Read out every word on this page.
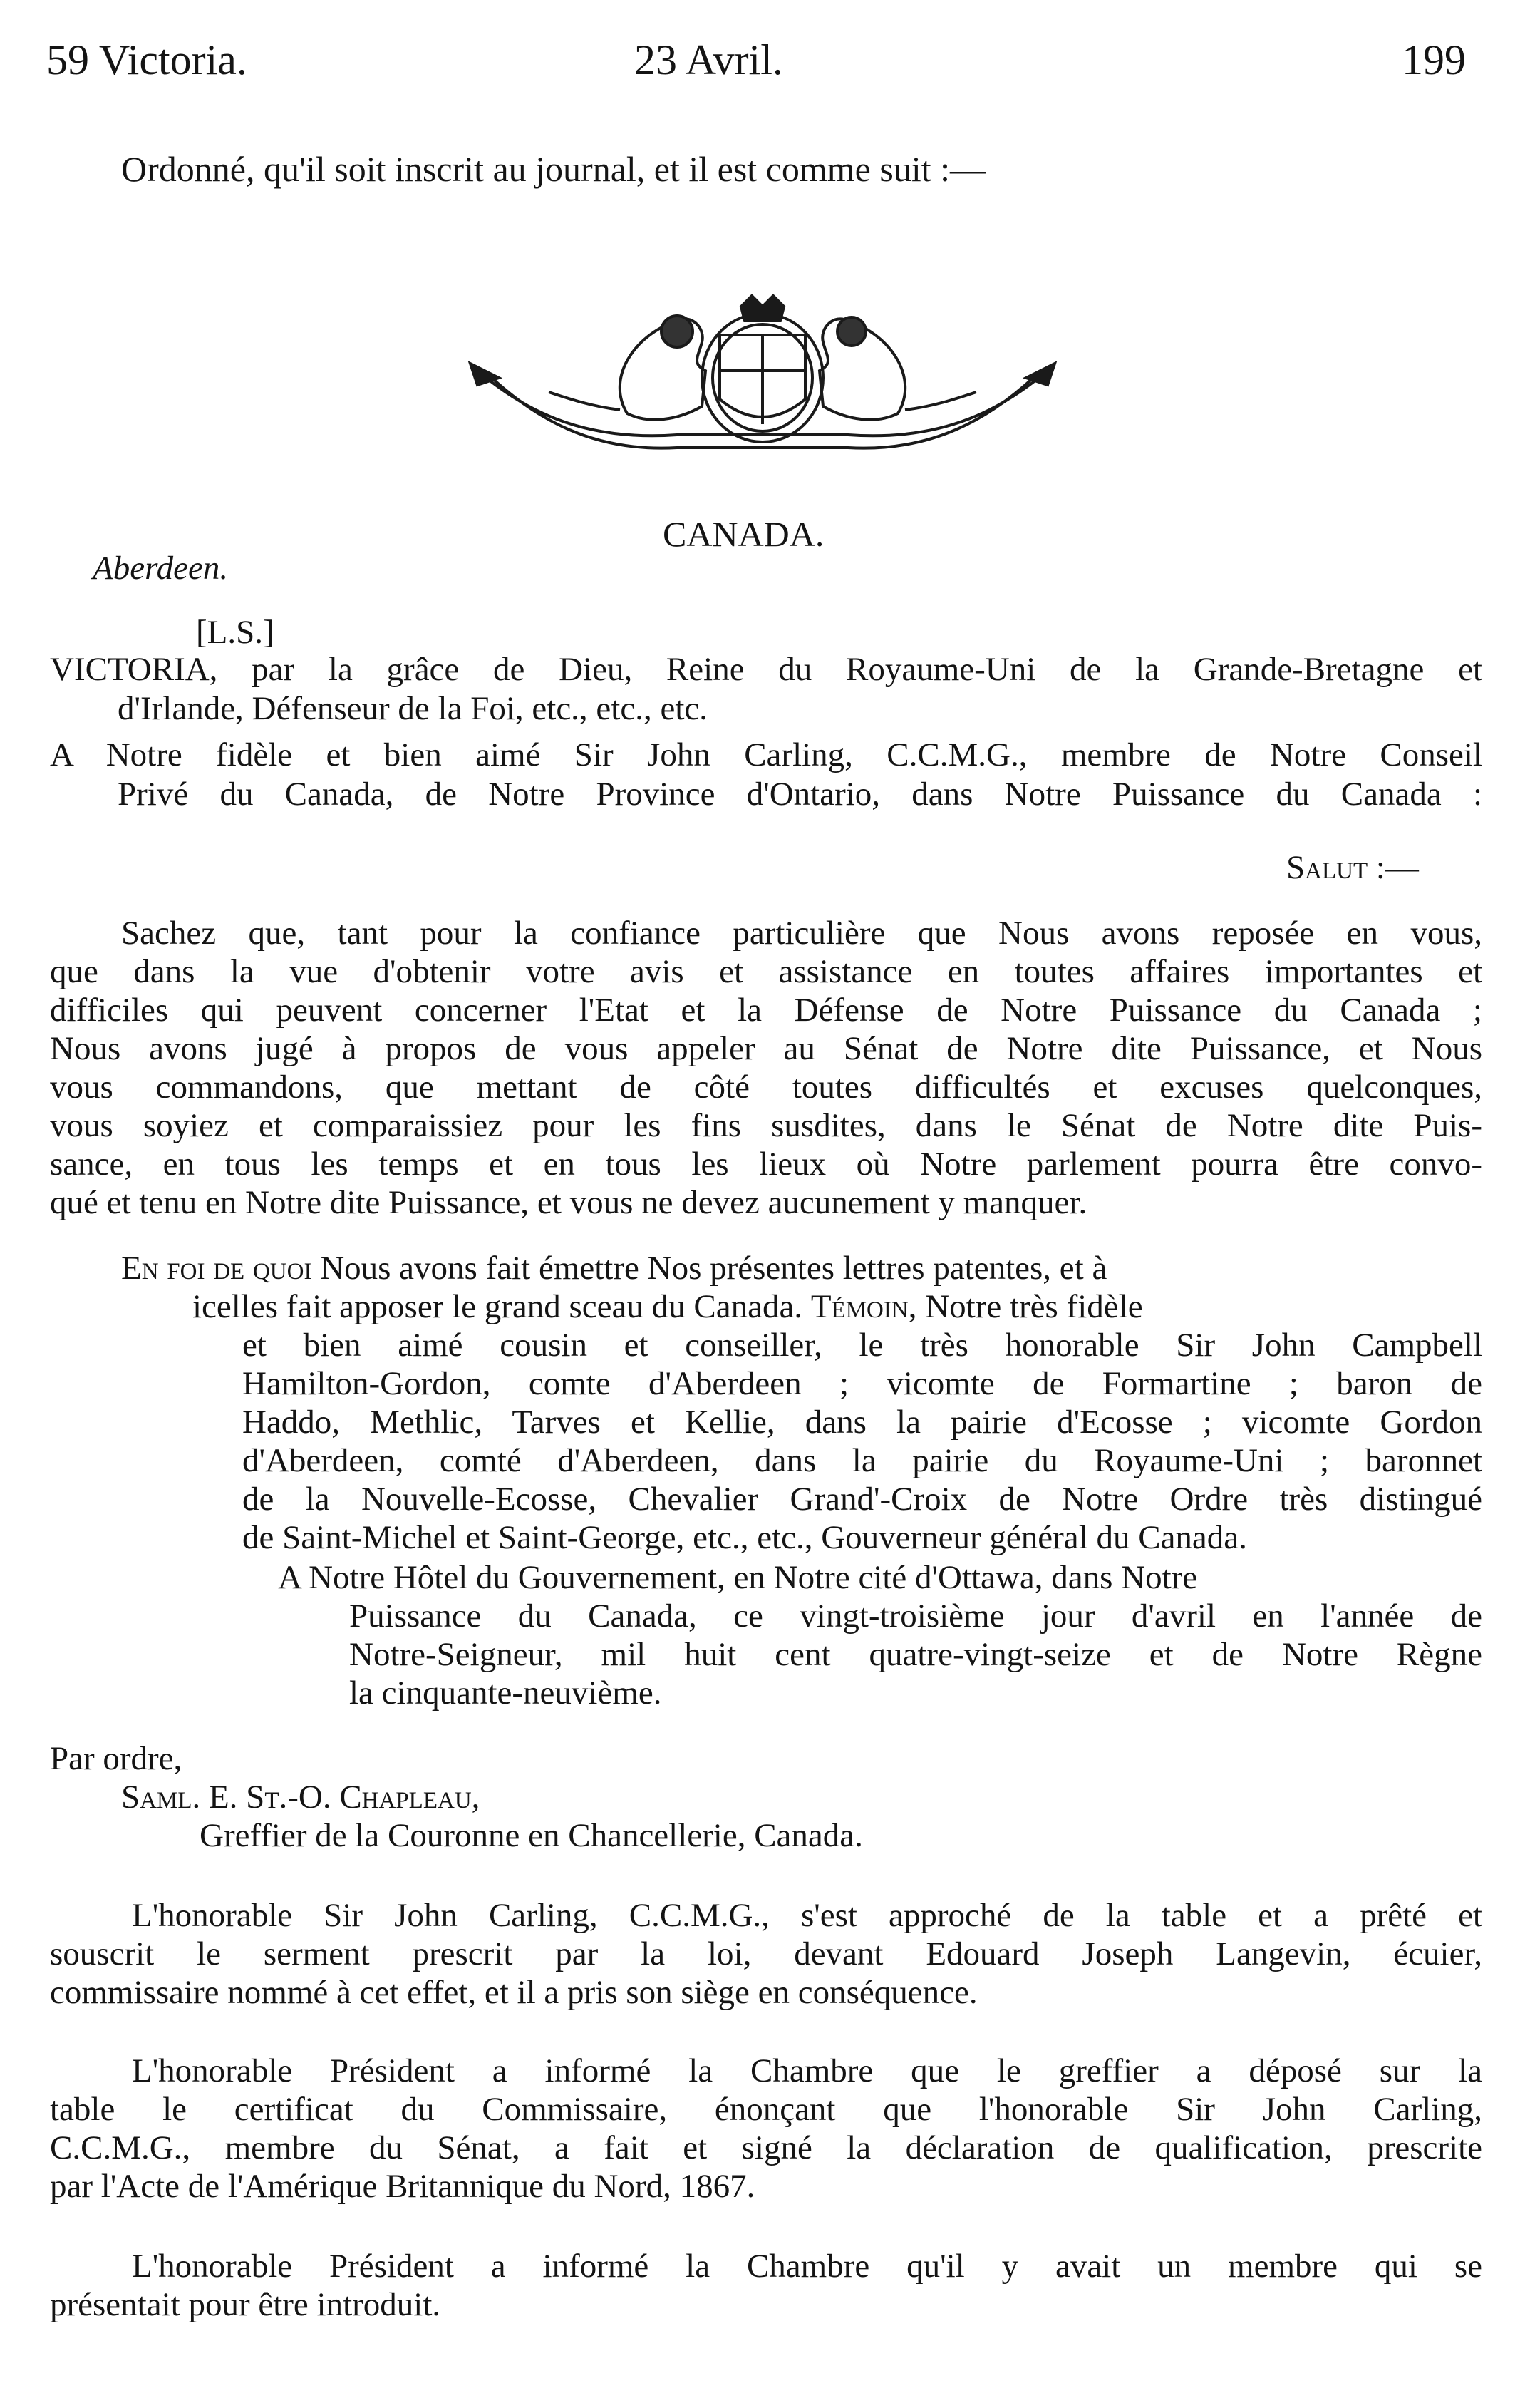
59 Victoria.	23 Avril.	199
Ordonné, qu'il soit inscrit au journal, et il est comme suit :—
CANADA.
Aberdeen.
[L.S.]
VICTORIA, par la grâce de Dieu, Reine du Royaume-Uni de la Grande-Bretagne et
d'Irlande, Défenseur de la Foi, etc., etc., etc.
A Notre fidèle et bien aimé Sir John Carling, C.C.M.G., membre de Notre Conseil
Privé du Canada, de Notre Province d'Ontario, dans Notre Puissance du Canada :
Salut :—
Sachez que, tant pour la confiance particulière que Nous avons reposée en vous,
que dans la vue d'obtenir votre avis et assistance en toutes affaires importantes et
difficiles qui peuvent concerner l'Etat et la Défense de Notre Puissance du Canada ;
Nous avons jugé à propos de vous appeler au Sénat de Notre dite Puissance, et Nous
vous commandons, que mettant de côté toutes difficultés et excuses quelconques,
vous soyiez et comparaissiez pour les fins susdites, dans le Sénat de Notre dite Puis-
sance, en tous les temps et en tous les lieux où Notre parlement pourra être convo-
qué et tenu en Notre dite Puissance, et vous ne devez aucunement y manquer.
En foi de quoi Nous avons fait émettre Nos présentes lettres patentes, et à
icelles fait apposer le grand sceau du Canada. Témoin, Notre très fidèle
et bien aimé cousin et conseiller, le très honorable Sir John Campbell
Hamilton-Gordon, comte d'Aberdeen ; vicomte de Formartine ; baron de
Haddo, Methlic, Tarves et Kellie, dans la pairie d'Ecosse ; vicomte Gordon
d'Aberdeen, comté d'Aberdeen, dans la pairie du Royaume-Uni ; baronnet
de la Nouvelle-Ecosse, Chevalier Grand'-Croix de Notre Ordre très distingué
de Saint-Michel et Saint-George, etc., etc., Gouverneur général du Canada.
A Notre Hôtel du Gouvernement, en Notre cité d'Ottawa, dans Notre
Puissance du Canada, ce vingt-troisième jour d'avril en l'année de
Notre-Seigneur, mil huit cent quatre-vingt-seize et de Notre Règne
la cinquante-neuvième.
Par ordre,
Saml. E. St.-O. Chapleau,
Greffier de la Couronne en Chancellerie, Canada.
L'honorable Sir John Carling, C.C.M.G., s'est approché de la table et a prêté et
souscrit le serment prescrit par la loi, devant Edouard Joseph Langevin, écuier,
commissaire nommé à cet effet, et il a pris son siège en conséquence.
L'honorable Président a informé la Chambre que le greffier a déposé sur la
table le certificat du Commissaire, énonçant que l'honorable Sir John Carling,
C.C.M.G., membre du Sénat, a fait et signé la déclaration de qualification, prescrite
par l'Acte de l'Amérique Britannique du Nord, 1867.
L'honorable Président a informé la Chambre qu'il y avait un membre qui se
présentait pour être introduit.
